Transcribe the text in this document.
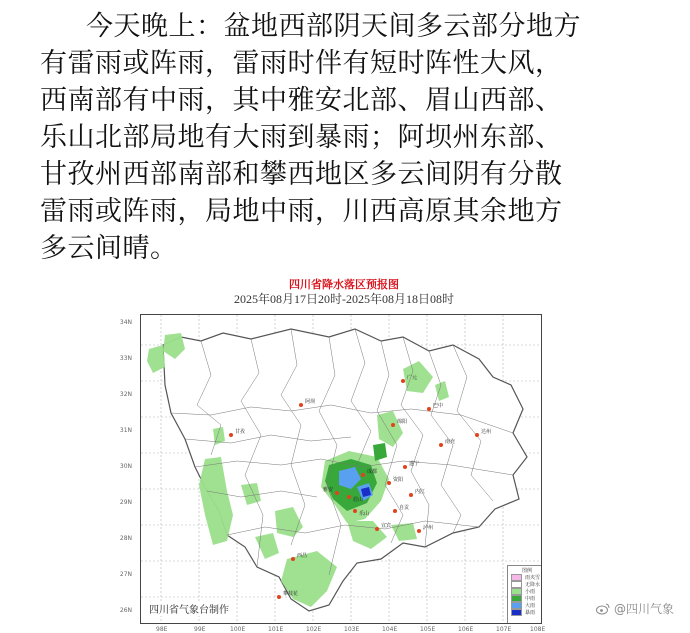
今天晚上：盆地西部阴天间多云部分地方
有雷雨或阵雨，雷雨时伴有短时阵性大风，
西南部有中雨，其中雅安北部、眉山西部、
乐山北部局地有大雨到暴雨；阿坝州东部、
甘孜州西部南部和攀西地区多云间阴有分散
雷雨或阵雨，局地中雨，川西高原其余地方
多云间晴。
四川省降水落区预报图
2025年08月17日20时-2025年08月18日08时
巴中
绵阳
南充
遂宁
资阳
内江
自贡
宜宾	泸州
成都
雅安
乐山
眉山
西昌
广元
达州
阿坝
甘孜
攀枝花
图例
雨夹雪
无降水
小雨
中雨
大雨
暴雨
四川省气象台制作
34N
33N
32N
31N
30N
29N
28N
27N
26N
98E	99E	100E	101E	102E	103E	104E	105E	106E	107E	108E
@四川气象
